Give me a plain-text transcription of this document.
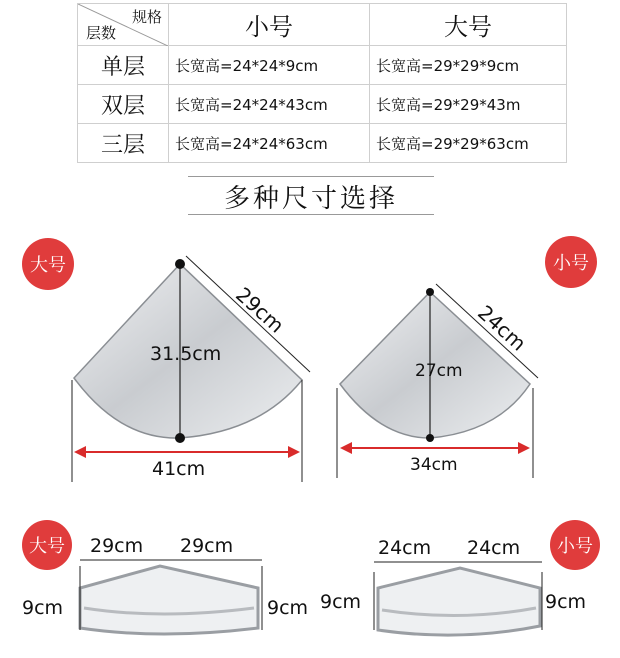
规格
层数	小号	大号
单层	长宽高=24*24*9cm	长宽高=29*29*9cm
双层	长宽高=24*24*43cm	长宽高=29*29*43m
三层	长宽高=24*24*63cm	长宽高=29*29*63cm
多种尺寸选择
大号
31.5cm
29cm
41cm
小号
27cm
24cm
34cm
大号	29cm 29cm
9cm	9cm
小号
24cm 24cm
9cm	9cm
